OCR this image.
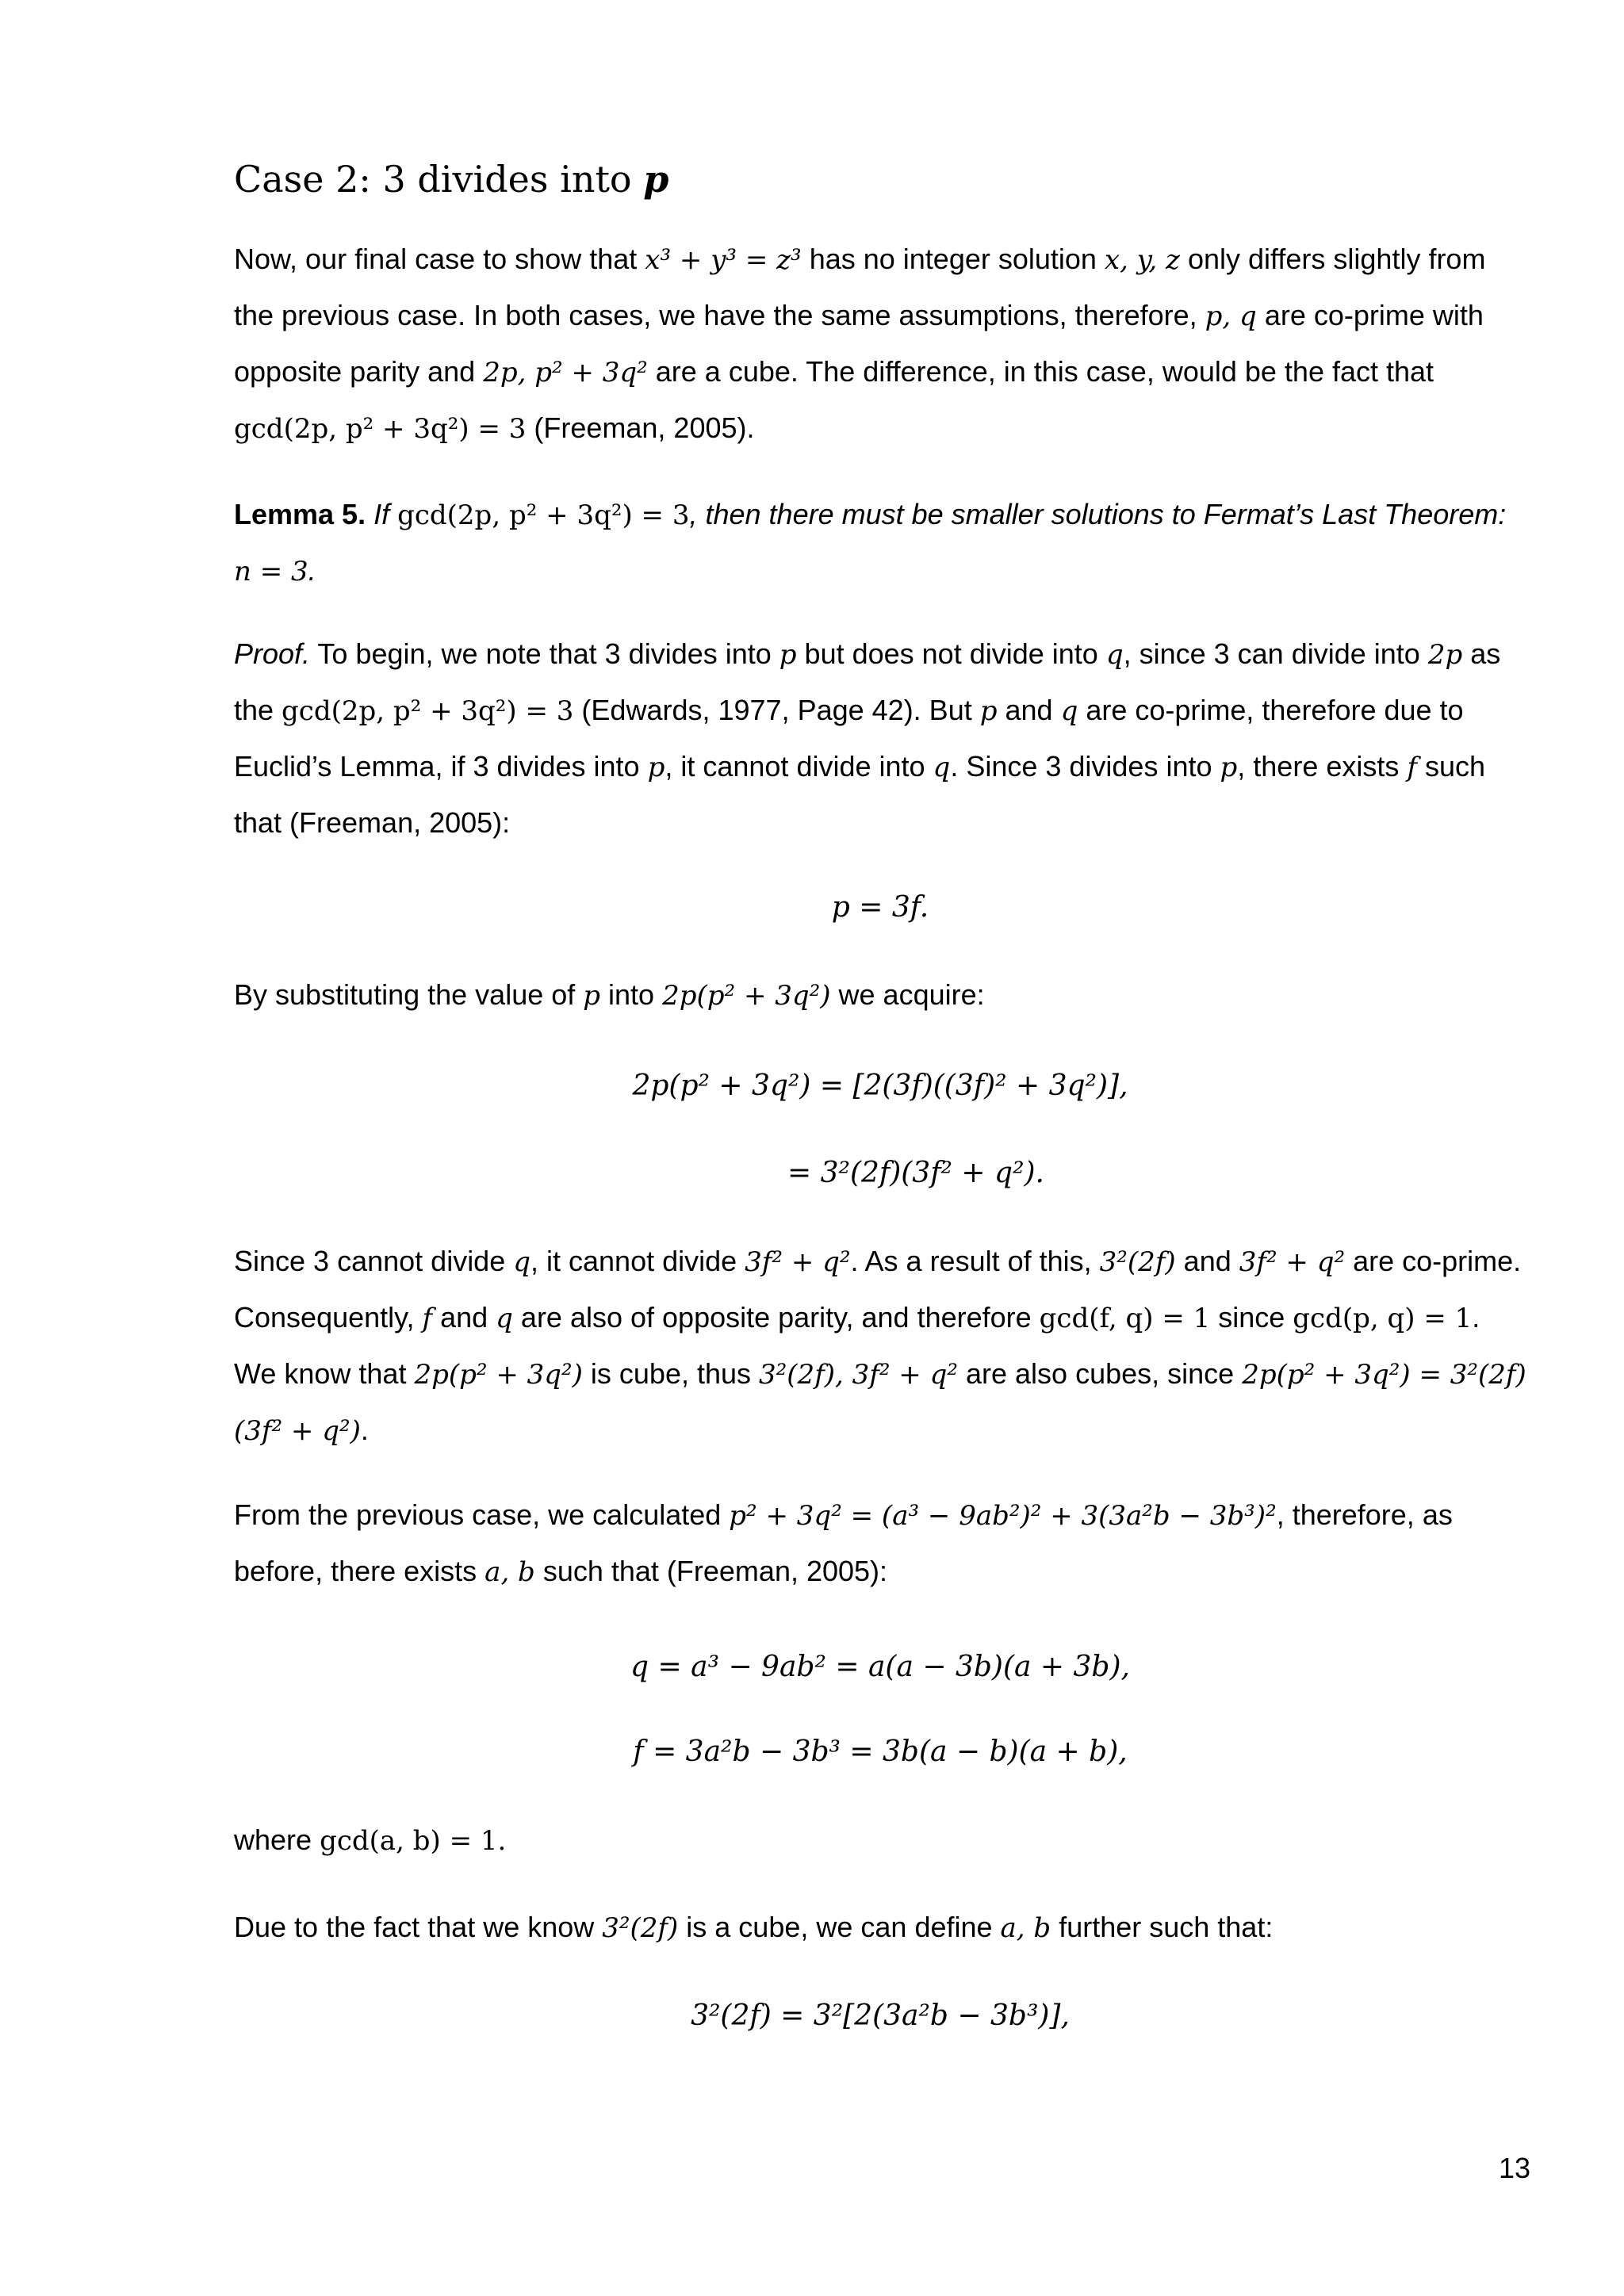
Case 2: 3 divides into p
Now, our final case to show that x³ + y³ = z³ has no integer solution x, y, z only differs slightly from the previous case. In both cases, we have the same assumptions, therefore, p, q are co-prime with opposite parity and 2p, p² + 3q² are a cube. The difference, in this case, would be the fact that gcd(2p, p² + 3q²) = 3 (Freeman, 2005).
Lemma 5. If gcd(2p, p² + 3q²) = 3, then there must be smaller solutions to Fermat’s Last Theorem: n = 3.
Proof. To begin, we note that 3 divides into p but does not divide into q, since 3 can divide into 2p as the gcd(2p, p² + 3q²) = 3 (Edwards, 1977, Page 42). But p and q are co-prime, therefore due to Euclid’s Lemma, if 3 divides into p, it cannot divide into q. Since 3 divides into p, there exists f such that (Freeman, 2005):
p = 3f.
By substituting the value of p into 2p(p² + 3q²) we acquire:
2p(p² + 3q²) = [2(3f)((3f)² + 3q²)],
= 3²(2f)(3f² + q²).
Since 3 cannot divide q, it cannot divide 3f² + q². As a result of this, 3²(2f) and 3f² + q² are co-prime. Consequently, f and q are also of opposite parity, and therefore gcd(f, q) = 1 since gcd(p, q) = 1. We know that 2p(p² + 3q²) is cube, thus 3²(2f), 3f² + q² are also cubes, since 2p(p² + 3q²) = 3²(2f)(3f² + q²).
From the previous case, we calculated p² + 3q² = (a³ − 9ab²)² + 3(3a²b − 3b³)², therefore, as before, there exists a, b such that (Freeman, 2005):
q = a³ − 9ab² = a(a − 3b)(a + 3b),
f = 3a²b − 3b³ = 3b(a − b)(a + b),
where gcd(a, b) = 1.
Due to the fact that we know 3²(2f) is a cube, we can define a, b further such that:
3²(2f) = 3²[2(3a²b − 3b³)],
13
